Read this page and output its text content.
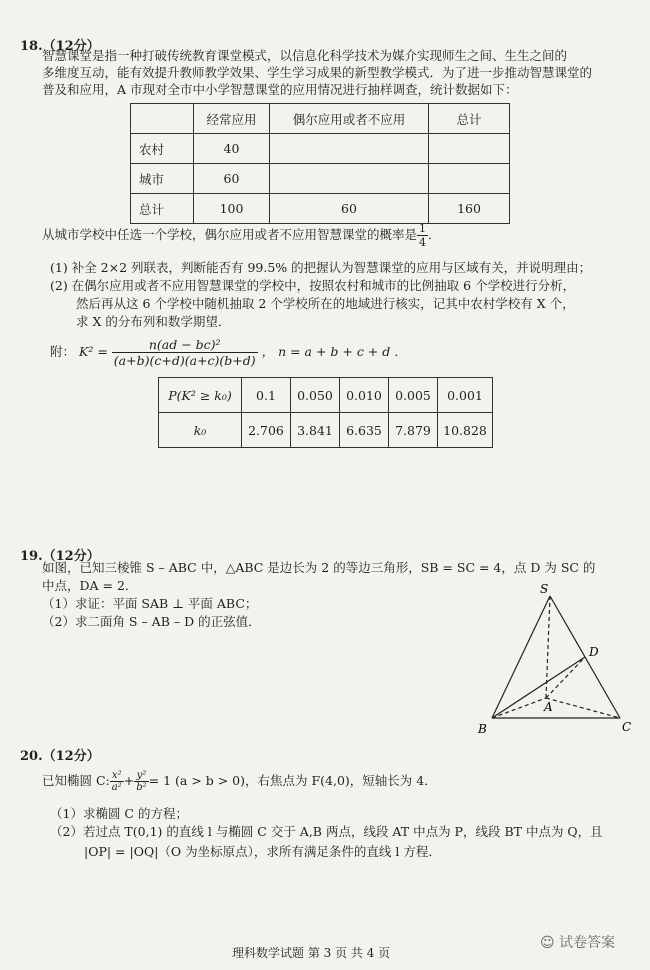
18.（12分）
智慧课堂是指一种打破传统教育课堂模式，以信息化科学技术为媒介实现师生之间、生生之间的
多维度互动，能有效提升教师教学效果、学生学习成果的新型教学模式．为了进一步推动智慧课堂的
普及和应用，A 市现对全市中小学智慧课堂的应用情况进行抽样调查，统计数据如下：
	经常应用	偶尔应用或者不应用	总计
农村	40		
城市	60		
总计	100	60	160
从城市学校中任选一个学校，偶尔应用或者不应用智慧课堂的概率是 $\frac{1}{4}$ ．
(1) 补全 2×2 列联表，判断能否有 99.5% 的把握认为智慧课堂的应用与区域有关，并说明理由；
(2) 在偶尔应用或者不应用智慧课堂的学校中，按照农村和城市的比例抽取 6 个学校进行分析，
然后再从这 6 个学校中随机抽取 2 个学校所在的地域进行核实，记其中农村学校有 X 个，
求 X 的分布列和数学期望．
附： $K^2 = \frac{\text{n(ad − bc)²}}{(a+b)(c+d)(a+c)(b+d)}$ ， n = a + b + c + d ．
P(K² ≥ k₀)	0.1	0.050	0.010	0.005	0.001
k₀	2.706	3.841	6.635	7.879	10.828
19.（12分）
如图，已知三棱锥 S – ABC 中，△ABC 是边长为 2 的等边三角形，SB = SC = 4，点 D 为 SC 的
中点，DA = 2．
（1）求证：平面 SAB ⊥ 平面 ABC；
（2）求二面角 S – AB – D 的正弦值．
S
D
A
B	C
20.（12分）
已知椭圆 C: $\frac{\text{x²}}{\text{a²}} + \frac{\text{y²}}{\text{b²}} = 1$ (a > b > 0)，右焦点为 F(4,0)，短轴长为 4．
（1）求椭圆 C 的方程；
（2）若过点 T(0,1) 的直线 l 与椭圆 C 交于 A,B 两点，线段 AT 中点为 P，线段 BT 中点为 Q，且
|OP| = |OQ|（O 为坐标原点），求所有满足条件的直线 l 方程．
理科数学试题 第 3 页 共 4 页
☺ 试卷答案
